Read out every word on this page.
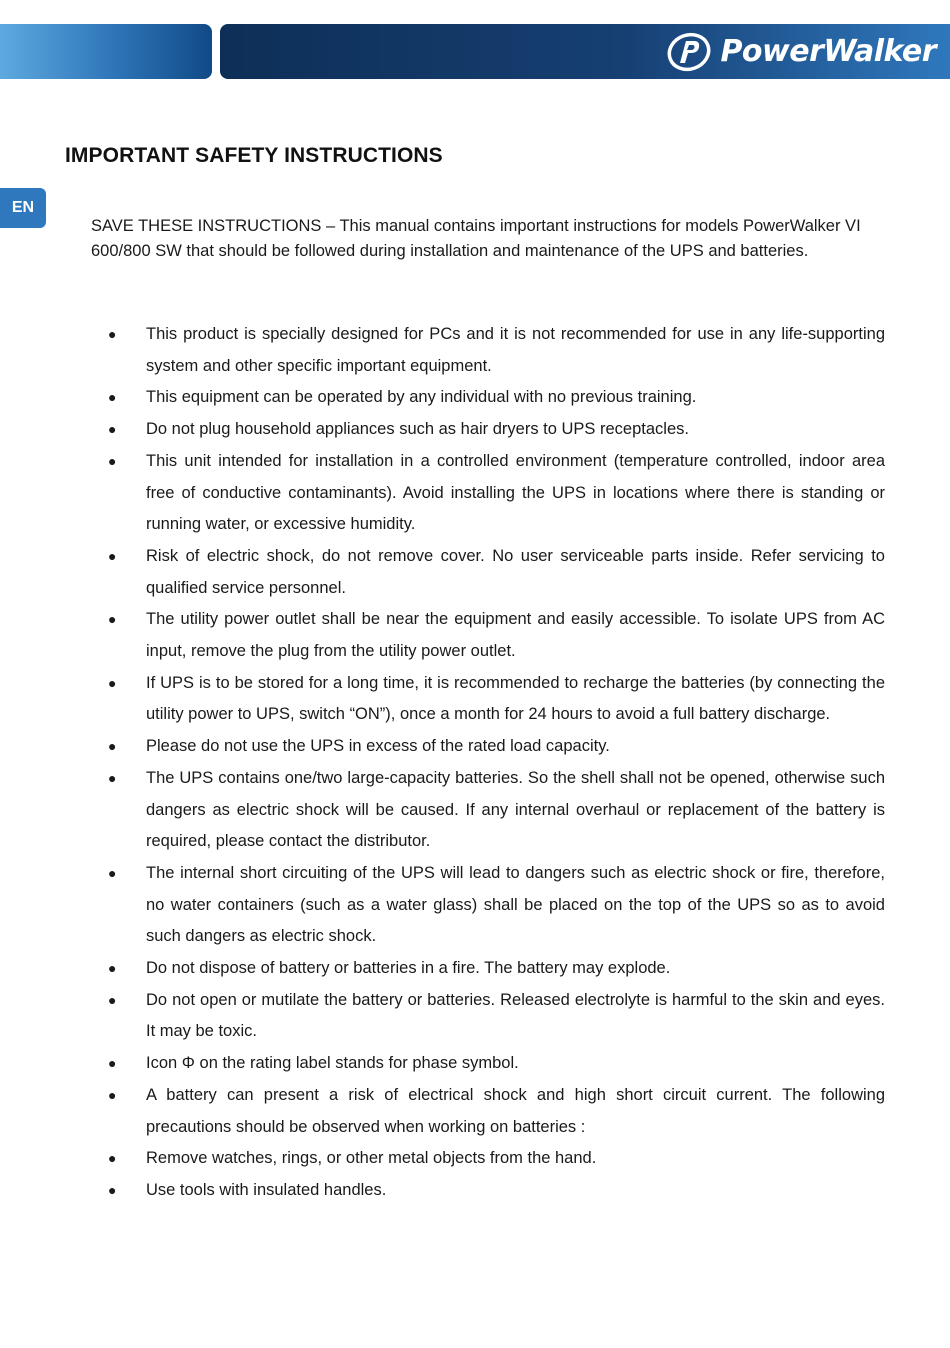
PowerWalker
EN
IMPORTANT SAFETY INSTRUCTIONS

SAVE THESE INSTRUCTIONS – This manual contains important instructions for models PowerWalker VI 600/800 SW that should be followed during installation and maintenance of the UPS and batteries.

● This product is specially designed for PCs and it is not recommended for use in any life-supporting system and other specific important equipment.
● This equipment can be operated by any individual with no previous training.
● Do not plug household appliances such as hair dryers to UPS receptacles.
● This unit intended for installation in a controlled environment (temperature controlled, indoor area free of conductive contaminants). Avoid installing the UPS in locations where there is standing or running water, or excessive humidity.
● Risk of electric shock, do not remove cover. No user serviceable parts inside. Refer servicing to qualified service personnel.
● The utility power outlet shall be near the equipment and easily accessible. To isolate UPS from AC input, remove the plug from the utility power outlet.
● If UPS is to be stored for a long time, it is recommended to recharge the batteries (by connecting the utility power to UPS, switch “ON”), once a month for 24 hours to avoid a full battery discharge.
● Please do not use the UPS in excess of the rated load capacity.
● The UPS contains one/two large-capacity batteries. So the shell shall not be opened, otherwise such dangers as electric shock will be caused. If any internal overhaul or replacement of the battery is required, please contact the distributor.
● The internal short circuiting of the UPS will lead to dangers such as electric shock or fire, therefore, no water containers (such as a water glass) shall be placed on the top of the UPS so as to avoid such dangers as electric shock.
● Do not dispose of battery or batteries in a fire. The battery may explode.
● Do not open or mutilate the battery or batteries. Released electrolyte is harmful to the skin and eyes. It may be toxic.
● Icon Φ on the rating label stands for phase symbol.
● A battery can present a risk of electrical shock and high short circuit current. The following precautions should be observed when working on batteries :
● Remove watches, rings, or other metal objects from the hand.
● Use tools with insulated handles.
